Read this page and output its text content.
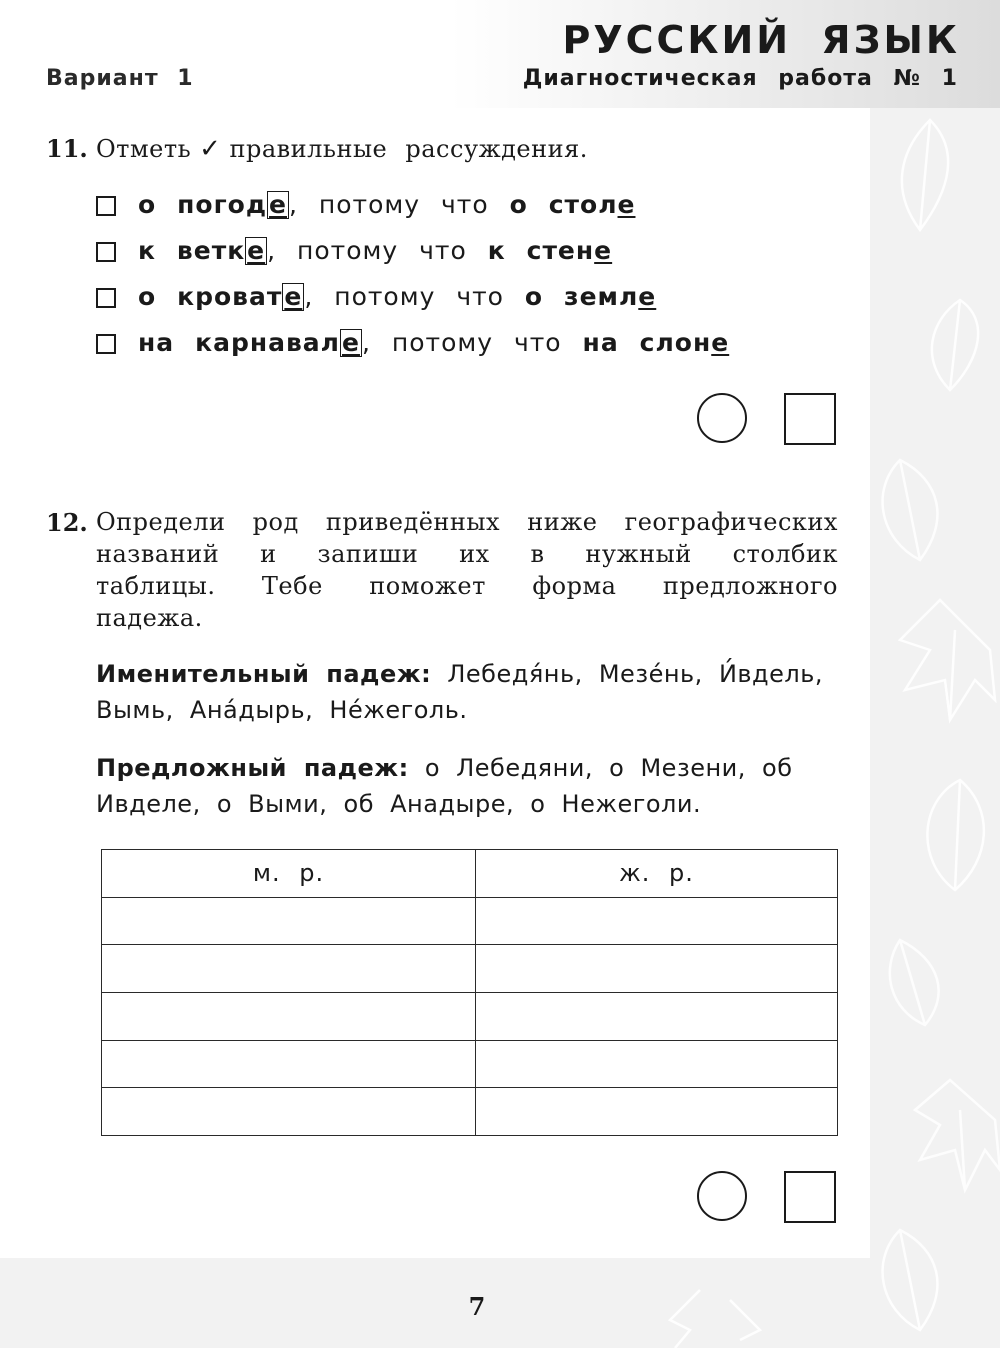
РУССКИЙ ЯЗЫК
Вариант 1	Диагностическая работа № 1
11. Отметь ✓ правильные рассуждения.
о погоде, потому что о столе
к ветке, потому что к стене
о кровате, потому что о земле
на карнавале, потому что на слоне
12. Определи род приведённых ниже географических
названий и запиши их в нужный столбик
таблицы. Тебе поможет форма предложного
падежа.
Именительный падеж: Лебедя́нь, Мезе́нь, И́вдель, Вымь, Ана́дырь, Не́жеголь.
Предложный падеж: о Лебедяни, о Мезени, об Ивделе, о Выми, об Анадыре, о Нежеголи.
м. р.	ж. р.

7
